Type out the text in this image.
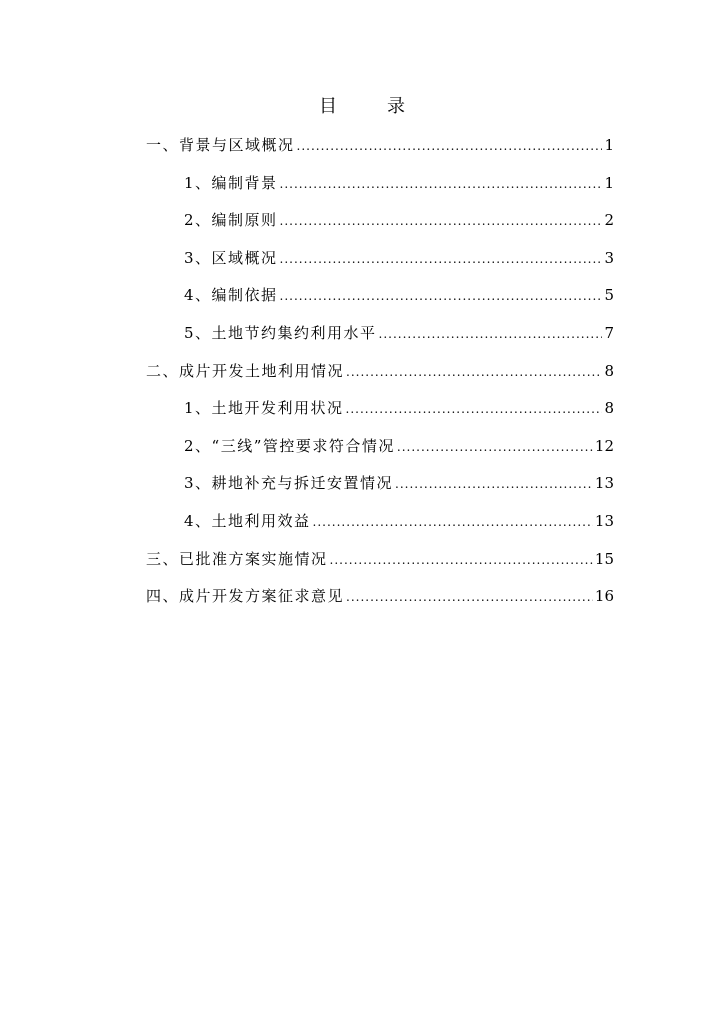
目　录
一、背景与区域概况 .....	1
1、编制背景 .....	1
2、编制原则 .....	2
3、区域概况 .....	3
4、编制依据 .....	5
5、土地节约集约利用水平 .....	7
二、成片开发土地利用情况 .....	8
1、土地开发利用状况 .....	8
2、“三线”管控要求符合情况 .....	12
3、耕地补充与拆迁安置情况 .....	13
4、土地利用效益 .....	13
三、已批准方案实施情况 .....	15
四、成片开发方案征求意见 .....	16
